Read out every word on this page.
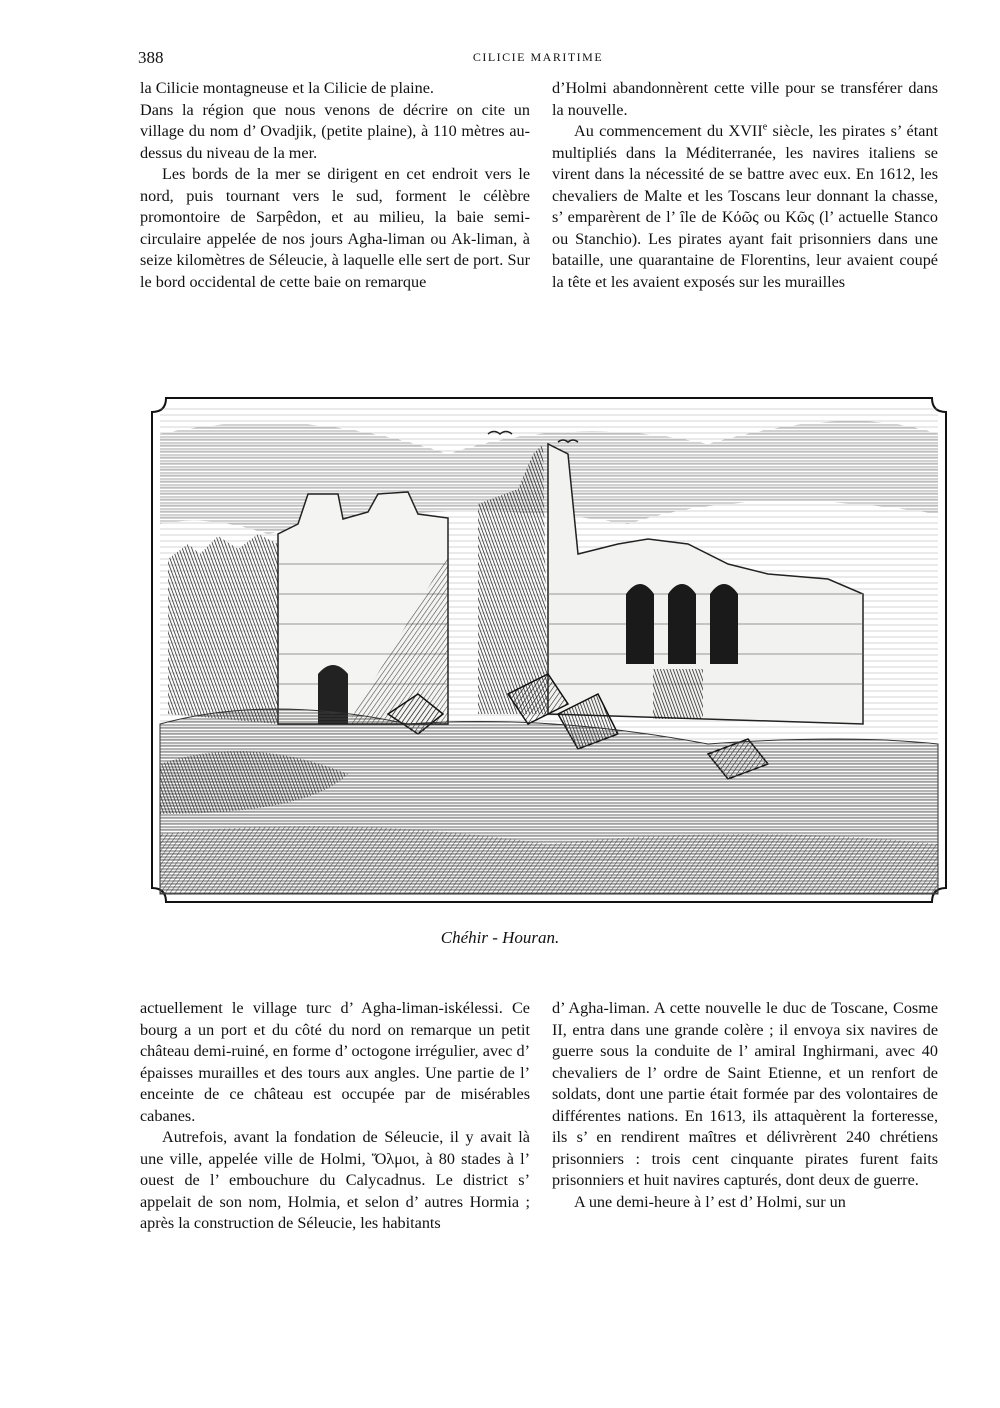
388	CILICIE MARITIME

la Cilicie montagneuse et la Cilicie de plaine.

Dans la région que nous venons de décrire on cite un village du nom d’ Ovadjik, (petite plaine), à 110 mètres au-dessus du niveau de la mer.

Les bords de la mer se dirigent en cet endroit vers le nord, puis tournant vers le sud, forment le célèbre promontoire de Sarpêdon, et au milieu, la baie semi-circulaire appelée de nos jours Agha-liman ou Ak-liman, à seize kilomètres de Séleucie, à laquelle elle sert de port. Sur le bord occidental de cette baie on remarque

d’Holmi abandonnèrent cette ville pour se transférer dans la nouvelle.

Au commencement du XVIIe siècle, les pirates s’ étant multipliés dans la Méditerranée, les navires italiens se virent dans la nécessité de se battre avec eux. En 1612, les chevaliers de Malte et les Toscans leur donnant la chasse, s’ emparèrent de l’ île de Κόῶς ou Κῶς (l’ actuelle Stanco ou Stanchio). Les pirates ayant fait prisonniers dans une bataille, une quarantaine de Florentins, leur avaient coupé la tête et les avaient exposés sur les murailles

Chéhir - Houran.

actuellement le village turc d’ Agha-liman-iskélessi. Ce bourg a un port et du côté du nord on remarque un petit château demi-ruiné, en forme d’ octogone irrégulier, avec d’ épaisses murailles et des tours aux angles. Une partie de l’ enceinte de ce château est occupée par de misérables cabanes.

Autrefois, avant la fondation de Séleucie, il y avait là une ville, appelée ville de Holmi, Ὅλμοι, à 80 stades à l’ ouest de l’ embouchure du Calycadnus. Le district s’ appelait de son nom, Holmia, et selon d’ autres Hormia ; après la construction de Séleucie, les habitants

d’ Agha-liman. A cette nouvelle le duc de Toscane, Cosme II, entra dans une grande colère ; il envoya six navires de guerre sous la conduite de l’ amiral Inghirmani, avec 40 chevaliers de l’ ordre de Saint Etienne, et un renfort de soldats, dont une partie était formée par des volontaires de différentes nations. En 1613, ils attaquèrent la forteresse, ils s’ en rendirent maîtres et délivrèrent 240 chrétiens prisonniers : trois cent cinquante pirates furent faits prisonniers et huit navires capturés, dont deux de guerre.

A une demi-heure à l’ est d’ Holmi, sur un
